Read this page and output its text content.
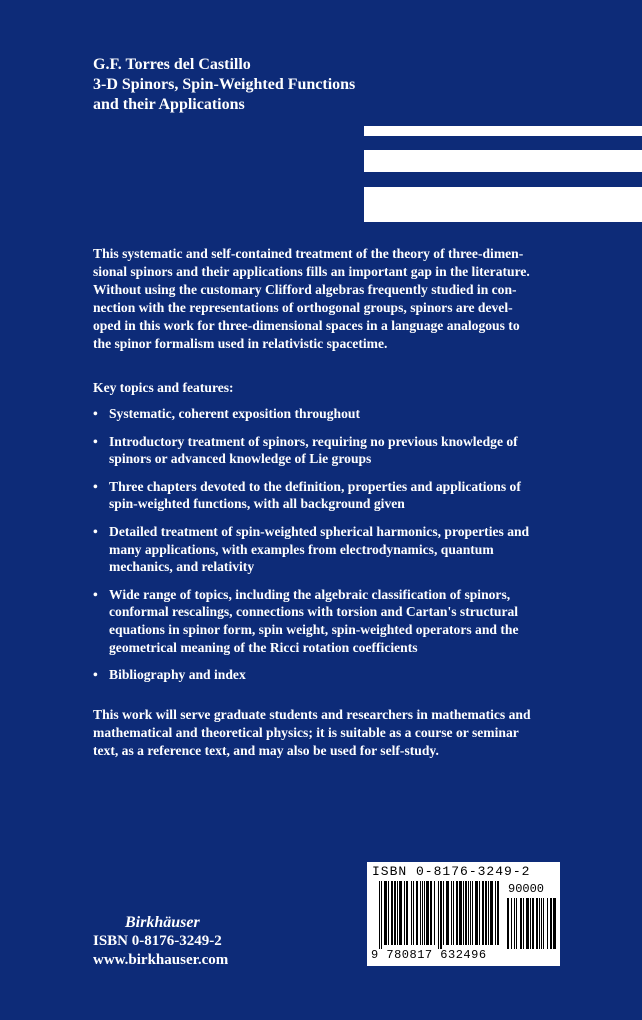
G.F. Torres del Castillo
3-D Spinors, Spin-Weighted Functions
and their Applications
This systematic and self-contained treatment of the theory of three-dimen-
sional spinors and their applications fills an important gap in the literature.
Without using the customary Clifford algebras frequently studied in con-
nection with the representations of orthogonal groups, spinors are devel-
oped in this work for three-dimensional spaces in a language analogous to
the spinor formalism used in relativistic spacetime.
Key topics and features:
• Systematic, coherent exposition throughout
• Introductory treatment of spinors, requiring no previous knowledge of
spinors or advanced knowledge of Lie groups
• Three chapters devoted to the definition, properties and applications of
spin-weighted functions, with all background given
• Detailed treatment of spin-weighted spherical harmonics, properties and
many applications, with examples from electrodynamics, quantum
mechanics, and relativity
• Wide range of topics, including the algebraic classification of spinors,
conformal rescalings, connections with torsion and Cartan's structural
equations in spinor form, spin weight, spin-weighted operators and the
geometrical meaning of the Ricci rotation coefficients
• Bibliography and index
This work will serve graduate students and researchers in mathematics and
mathematical and theoretical physics; it is suitable as a course or seminar
text, as a reference text, and may also be used for self-study.
Birkhäuser
ISBN 0-8176-3249-2
www.birkhauser.com
ISBN 0-8176-3249-2
90000
9 780817 632496
